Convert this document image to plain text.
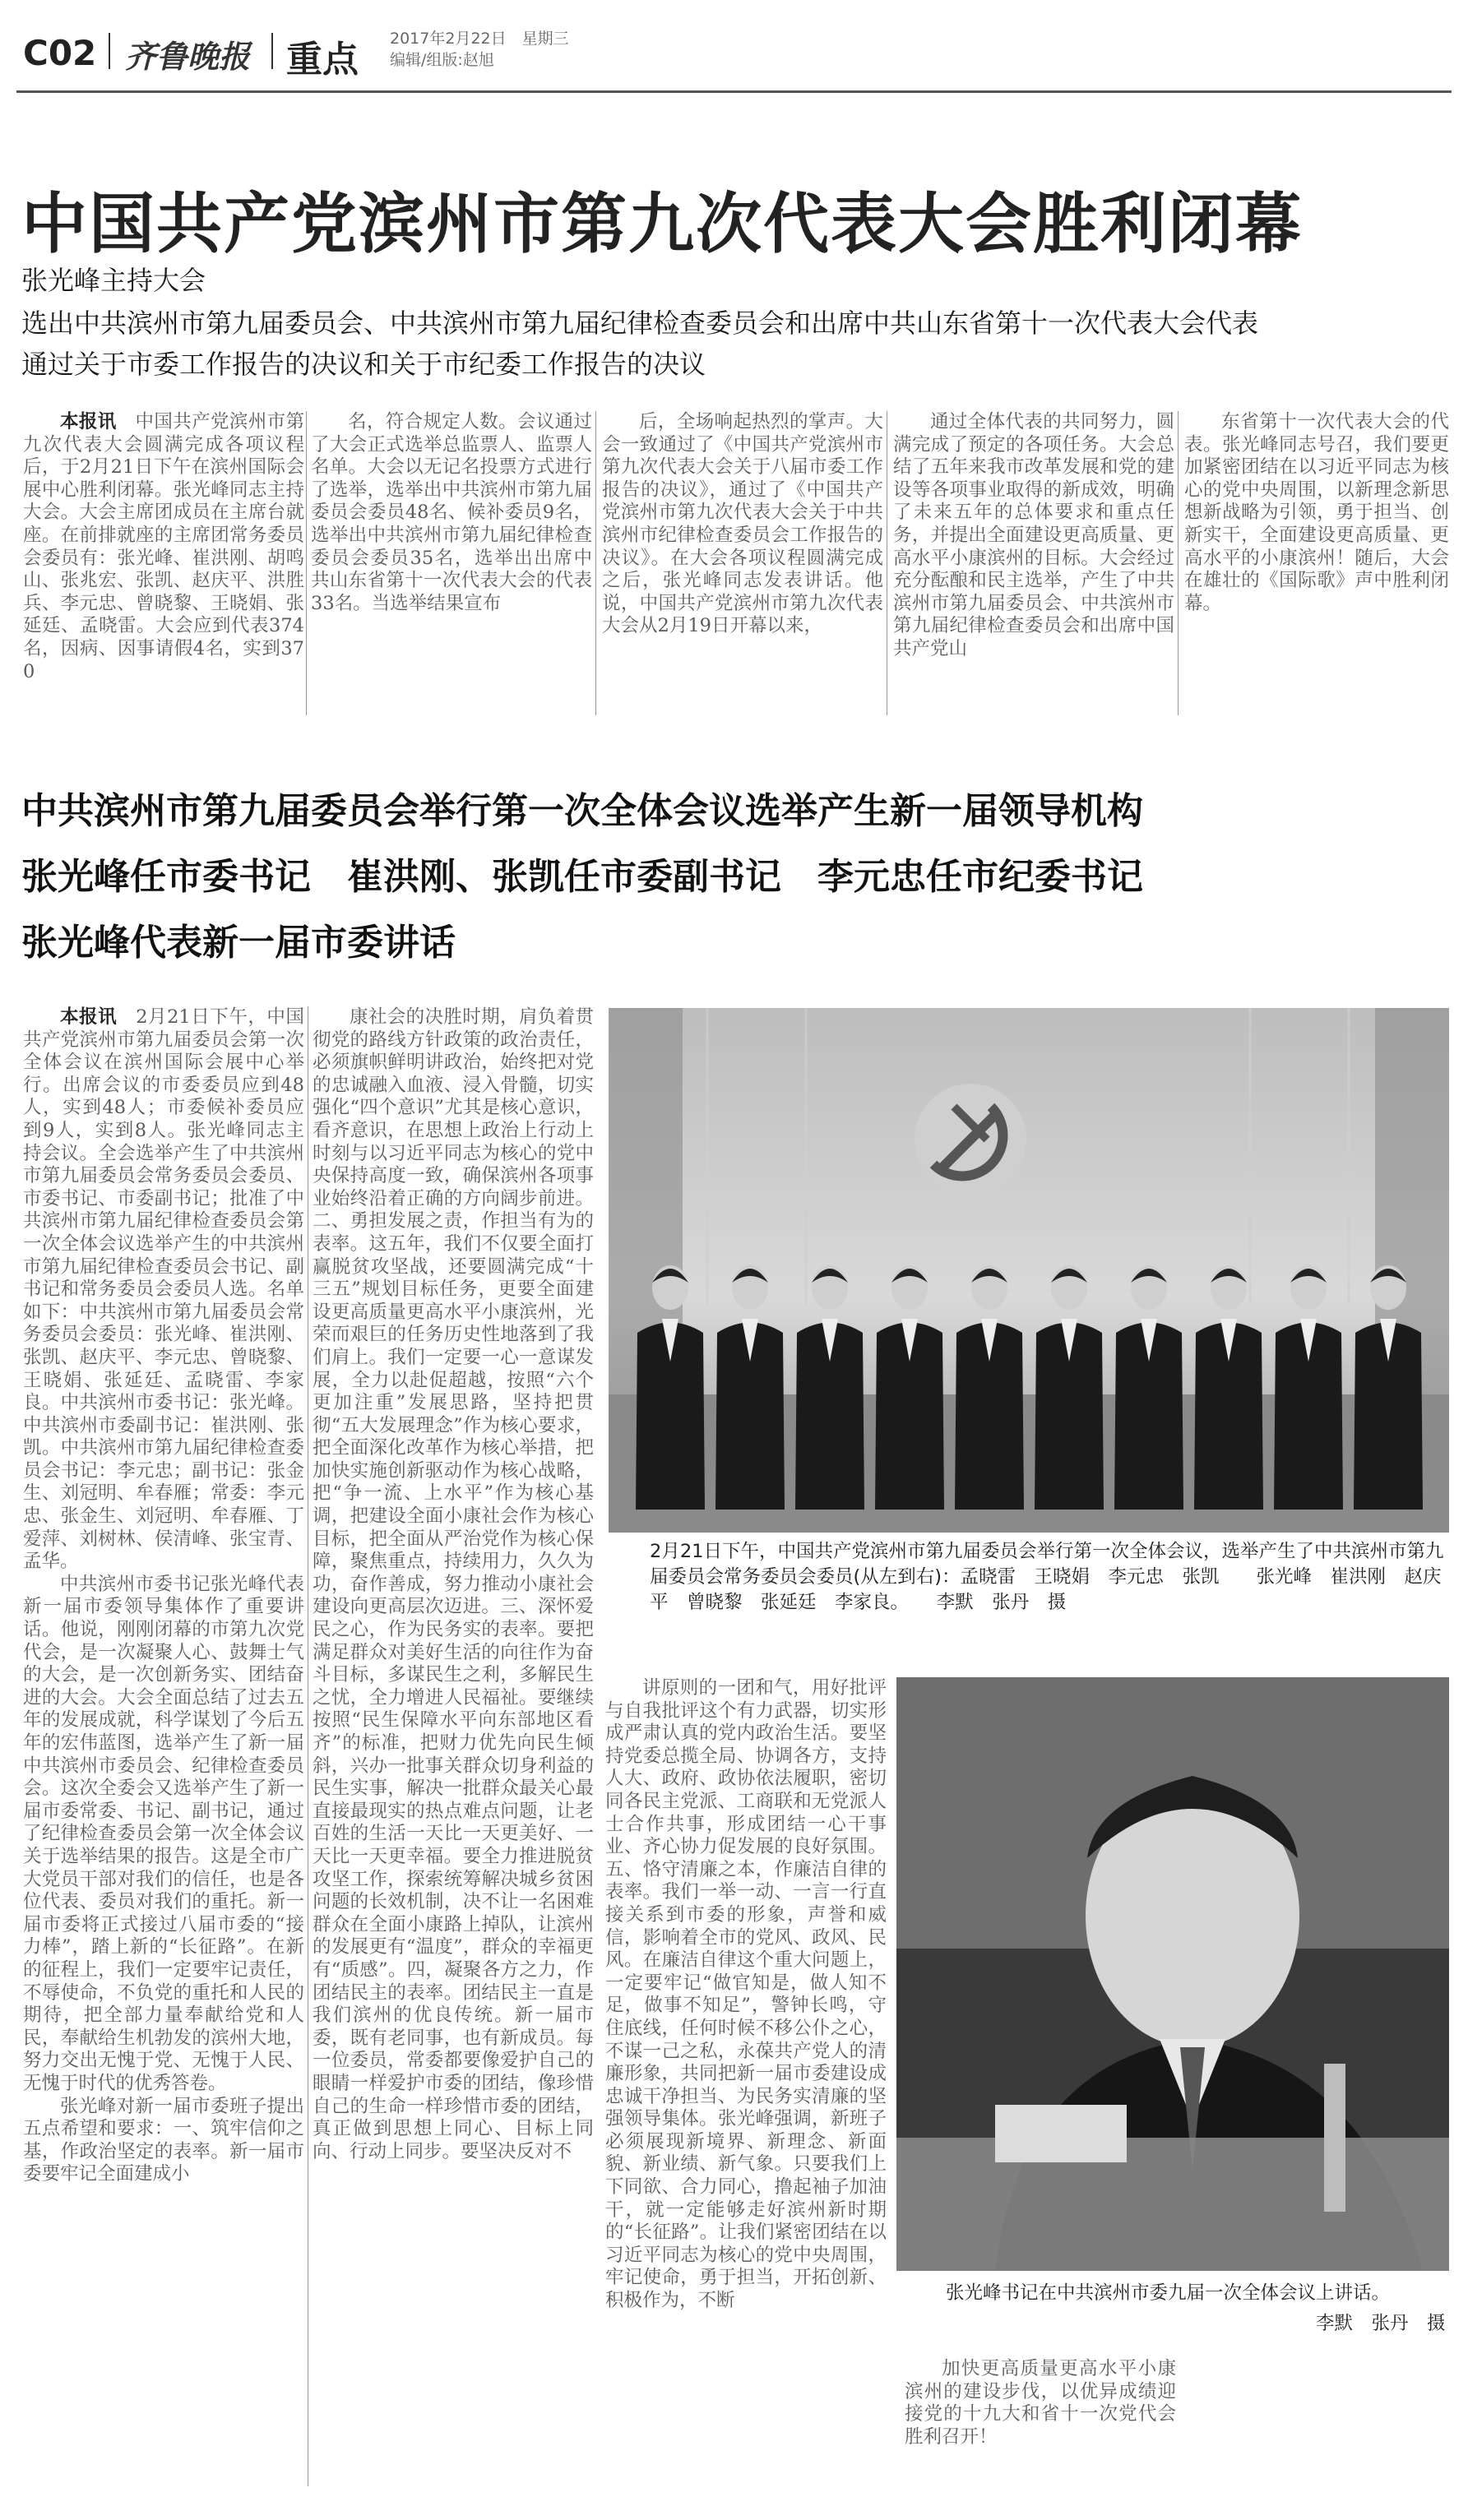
C02 齐鲁晚报 重点 2017年2月22日　星期三
编辑/组版:赵旭
中国共产党滨州市第九次代表大会胜利闭幕
张光峰主持大会
选出中共滨州市第九届委员会、中共滨州市第九届纪律检查委员会和出席中共山东省第十一次代表大会代表
通过关于市委工作报告的决议和关于市纪委工作报告的决议

本报讯　 中国共产党滨州市第九次代表大会圆满完成各项议程后，于2月21日下午在滨州国际会展中心胜利闭幕。张光峰同志主持大会。大会主席团成员在主席台就座。在前排就座的主席团常务委员会委员有：张光峰、崔洪刚、胡鸣山、张兆宏、张凯、赵庆平、洪胜兵、李元忠、曾晓黎、王晓娟、张延廷、孟晓雷。大会应到代表374名，因病、因事请假4名，实到370

名，符合规定人数。会议通过了大会正式选举总监票人、监票人名单。大会以无记名投票方式进行了选举，选举出中共滨州市第九届委员会委员48名、候补委员9名，选举出中共滨州市第九届纪律检查委员会委员35名，选举出出席中共山东省第十一次代表大会的代表33名。当选举结果宣布

后，全场响起热烈的掌声。大会一致通过了《中国共产党滨州市第九次代表大会关于八届市委工作报告的决议》，通过了《中国共产党滨州市第九次代表大会关于中共滨州市纪律检查委员会工作报告的决议》。在大会各项议程圆满完成之后，张光峰同志发表讲话。他说，中国共产党滨州市第九次代表大会从2月19日开幕以来，

通过全体代表的共同努力，圆满完成了预定的各项任务。大会总结了五年来我市改革发展和党的建设等各项事业取得的新成效，明确了未来五年的总体要求和重点任务，并提出全面建设更高质量、更高水平小康滨州的目标。大会经过充分酝酿和民主选举，产生了中共滨州市第九届委员会、中共滨州市第九届纪律检查委员会和出席中国共产党山

东省第十一次代表大会的代表。张光峰同志号召，我们要更加紧密团结在以习近平同志为核心的党中央周围，以新理念新思想新战略为引领，勇于担当、创新实干，全面建设更高质量、更高水平的小康滨州！随后，大会在雄壮的《国际歌》声中胜利闭幕。

中共滨州市第九届委员会举行第一次全体会议选举产生新一届领导机构
张光峰任市委书记　崔洪刚、张凯任市委副书记　李元忠任市纪委书记
张光峰代表新一届市委讲话

本报讯　 2月21日下午，中国共产党滨州市第九届委员会第一次全体会议在滨州国际会展中心举行。出席会议的市委委员应到48人，实到48人；市委候补委员应到9人，实到8人。张光峰同志主持会议。全会选举产生了中共滨州市第九届委员会常务委员会委员、市委书记、市委副书记；批准了中共滨州市第九届纪律检查委员会第一次全体会议选举产生的中共滨州市第九届纪律检查委员会书记、副书记和常务委员会委员人选。名单如下：中共滨州市第九届委员会常务委员会委员：张光峰、崔洪刚、张凯、赵庆平、李元忠、曾晓黎、王晓娟、张延廷、孟晓雷、李家良。中共滨州市委书记：张光峰。中共滨州市委副书记：崔洪刚、张凯。中共滨州市第九届纪律检查委员会书记：李元忠；副书记：张金生、刘冠明、牟春雁；常委：李元忠、张金生、刘冠明、牟春雁、丁爱萍、刘树林、侯清峰、张宝青、孟华。

中共滨州市委书记张光峰代表新一届市委领导集体作了重要讲话。他说，刚刚闭幕的市第九次党代会，是一次凝聚人心、鼓舞士气的大会，是一次创新务实、团结奋进的大会。大会全面总结了过去五年的发展成就，科学谋划了今后五年的宏伟蓝图，选举产生了新一届中共滨州市委员会、纪律检查委员会。这次全委会又选举产生了新一届市委常委、书记、副书记，通过了纪律检查委员会第一次全体会议关于选举结果的报告。这是全市广大党员干部对我们的信任，也是各位代表、委员对我们的重托。新一届市委将正式接过八届市委的“接力棒”，踏上新的“长征路”。在新的征程上，我们一定要牢记责任，不辱使命，不负党的重托和人民的期待，把全部力量奉献给党和人民，奉献给生机勃发的滨州大地，努力交出无愧于党、无愧于人民、无愧于时代的优秀答卷。

张光峰对新一届市委班子提出五点希望和要求：一、筑牢信仰之基，作政治坚定的表率。新一届市委要牢记全面建成小

康社会的决胜时期，肩负着贯彻党的路线方针政策的政治责任，必须旗帜鲜明讲政治，始终把对党的忠诚融入血液、浸入骨髓，切实强化“四个意识”尤其是核心意识，看齐意识，在思想上政治上行动上时刻与以习近平同志为核心的党中央保持高度一致，确保滨州各项事业始终沿着正确的方向阔步前进。二、勇担发展之责，作担当有为的表率。这五年，我们不仅要全面打赢脱贫攻坚战，还要圆满完成“十三五”规划目标任务，更要全面建设更高质量更高水平小康滨州，光荣而艰巨的任务历史性地落到了我们肩上。我们一定要一心一意谋发展，全力以赴促超越，按照“六个更加注重”发展思路，坚持把贯彻“五大发展理念”作为核心要求，把全面深化改革作为核心举措，把加快实施创新驱动作为核心战略，把“争一流、上水平”作为核心基调，把建设全面小康社会作为核心目标，把全面从严治党作为核心保障，聚焦重点，持续用力，久久为功，奋作善成，努力推动小康社会建设向更高层次迈进。三、深怀爱民之心，作为民务实的表率。要把满足群众对美好生活的向往作为奋斗目标，多谋民生之利，多解民生之忧，全力增进人民福祉。要继续按照“民生保障水平向东部地区看齐”的标准，把财力优先向民生倾斜，兴办一批事关群众切身利益的民生实事，解决一批群众最关心最直接最现实的热点难点问题，让老百姓的生活一天比一天更美好、一天比一天更幸福。要全力推进脱贫攻坚工作，探索统筹解决城乡贫困问题的长效机制，决不让一名困难群众在全面小康路上掉队，让滨州的发展更有“温度”，群众的幸福更有“质感”。四，凝聚各方之力，作团结民主的表率。团结民主一直是我们滨州的优良传统。新一届市委，既有老同事，也有新成员。每一位委员，常委都要像爱护自己的眼睛一样爱护市委的团结，像珍惜自己的生命一样珍惜市委的团结，真正做到思想上同心、目标上同向、行动上同步。要坚决反对不

2月21日下午，中国共产党滨州市第九届委员会举行第一次全体会议，选举产生了中共滨州市第九届委员会常务委员会委员(从左到右)：孟晓雷　王晓娟　李元忠　张凯　　张光峰　崔洪刚　赵庆平　曾晓黎　张延廷　李家良。　　 李默　张丹　摄

讲原则的一团和气，用好批评与自我批评这个有力武器，切实形成严肃认真的党内政治生活。要坚持党委总揽全局、协调各方，支持人大、政府、政协依法履职，密切同各民主党派、工商联和无党派人士合作共事，形成团结一心干事业、齐心协力促发展的良好氛围。五、恪守清廉之本，作廉洁自律的表率。我们一举一动、一言一行直接关系到市委的形象，声誉和威信，影响着全市的党风、政风、民风。在廉洁自律这个重大问题上，一定要牢记“做官知是，做人知不足，做事不知足”，警钟长鸣，守住底线，任何时候不移公仆之心，不谋一己之私，永葆共产党人的清廉形象，共同把新一届市委建设成忠诚干净担当、为民务实清廉的坚强领导集体。张光峰强调，新班子必须展现新境界、新理念、新面貌、新业绩、新气象。只要我们上下同欲、合力同心，撸起袖子加油干，就一定能够走好滨州新时期的“长征路”。让我们紧密团结在以习近平同志为核心的党中央周围，牢记使命，勇于担当，开拓创新、积极作为，不断	张光峰书记在中共滨州市委九届一次全体会议上讲话。
李默　张丹　摄

加快更高质量更高水平小康滨州的建设步伐，以优异成绩迎接党的十九大和省十一次党代会胜利召开！
